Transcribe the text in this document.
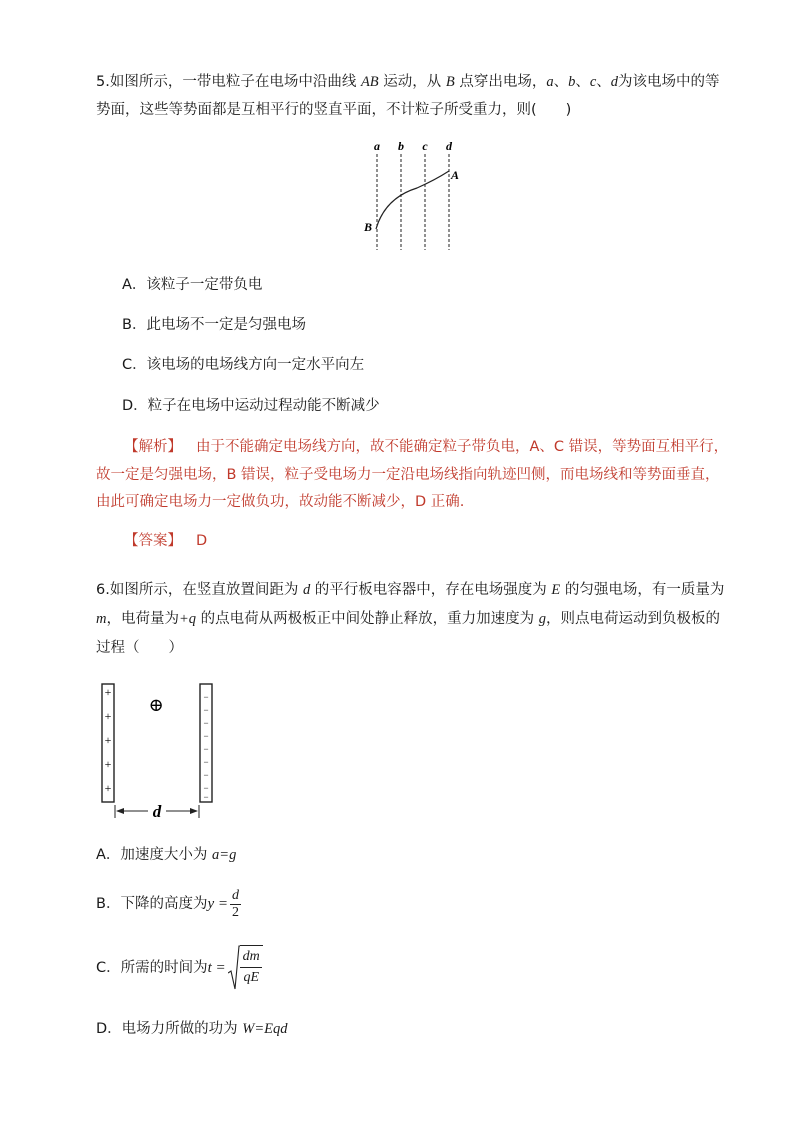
5.如图所示，一带电粒子在电场中沿曲线 AB 运动，从 B 点穿出电场，a、b、c、d为该电场中的等
势面，这些等势面都是互相平行的竖直平面，不计粒子所受重力，则(　　)
a b c d
A
B
A．该粒子一定带负电
B．此电场不一定是匀强电场
C．该电场的电场线方向一定水平向左
D．粒子在电场中运动过程动能不断减少
【解析】 由于不能确定电场线方向，故不能确定粒子带负电，A、C 错误，等势面互相平行，
故一定是匀强电场，B 错误，粒子受电场力一定沿电场线指向轨迹凹侧，而电场线和等势面垂直，
由此可确定电场力一定做负功，故动能不断减少，D 正确.
【答案】 D
6.如图所示，在竖直放置间距为 d 的平行板电容器中，存在电场强度为 E 的匀强电场，有一质量为
m，电荷量为+q 的点电荷从两极板正中间处静止释放，重力加速度为 g，则点电荷运动到负极板的
过程（　　）
+
+
+
+
+
−
−
−
−
−
−
−
−
−
⊕
d
A．加速度大小为 a=g
B．下降的高度为 $y = \frac{d}{2}$
C．所需的时间为 t =
dm
qE
D．电场力所做的功为 W=Eqd
